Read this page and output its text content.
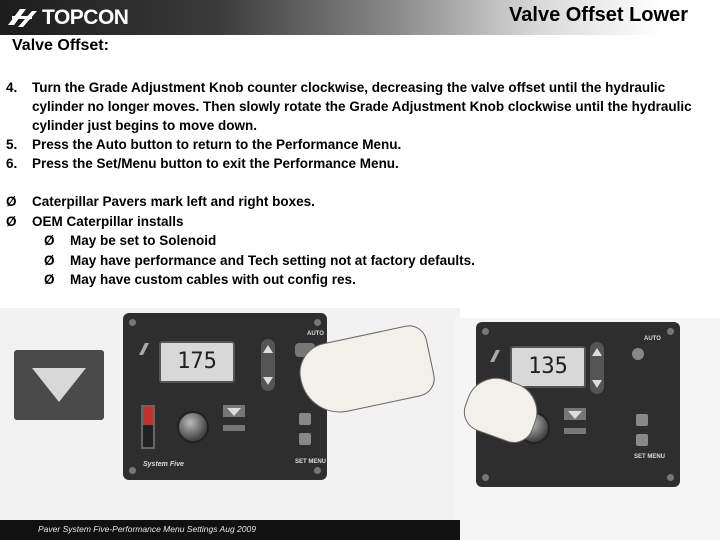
TOPCON	Valve Offset Lower
Valve Offset:
4.	Turn the Grade Adjustment Knob counter clockwise, decreasing the valve offset until the hydraulic cylinder no longer moves. Then slowly rotate the Grade Adjustment Knob clockwise until the hydraulic cylinder just begins to move down.
5.	Press the Auto button to return to the Performance Menu.
6.	Press the Set/Menu button to exit the Performance Menu.
Ø	Caterpillar Pavers mark left and right boxes.
Ø	OEM Caterpillar installs
Ø	May be set to Solenoid
Ø	May have performance and Tech setting not at factory defaults.
Ø	May have custom cables with out config res.
175
AUTO
System Five	SET MENU
135
AUTO
SET MENU
Paver System Five-Performance Menu Settings Aug 2009
